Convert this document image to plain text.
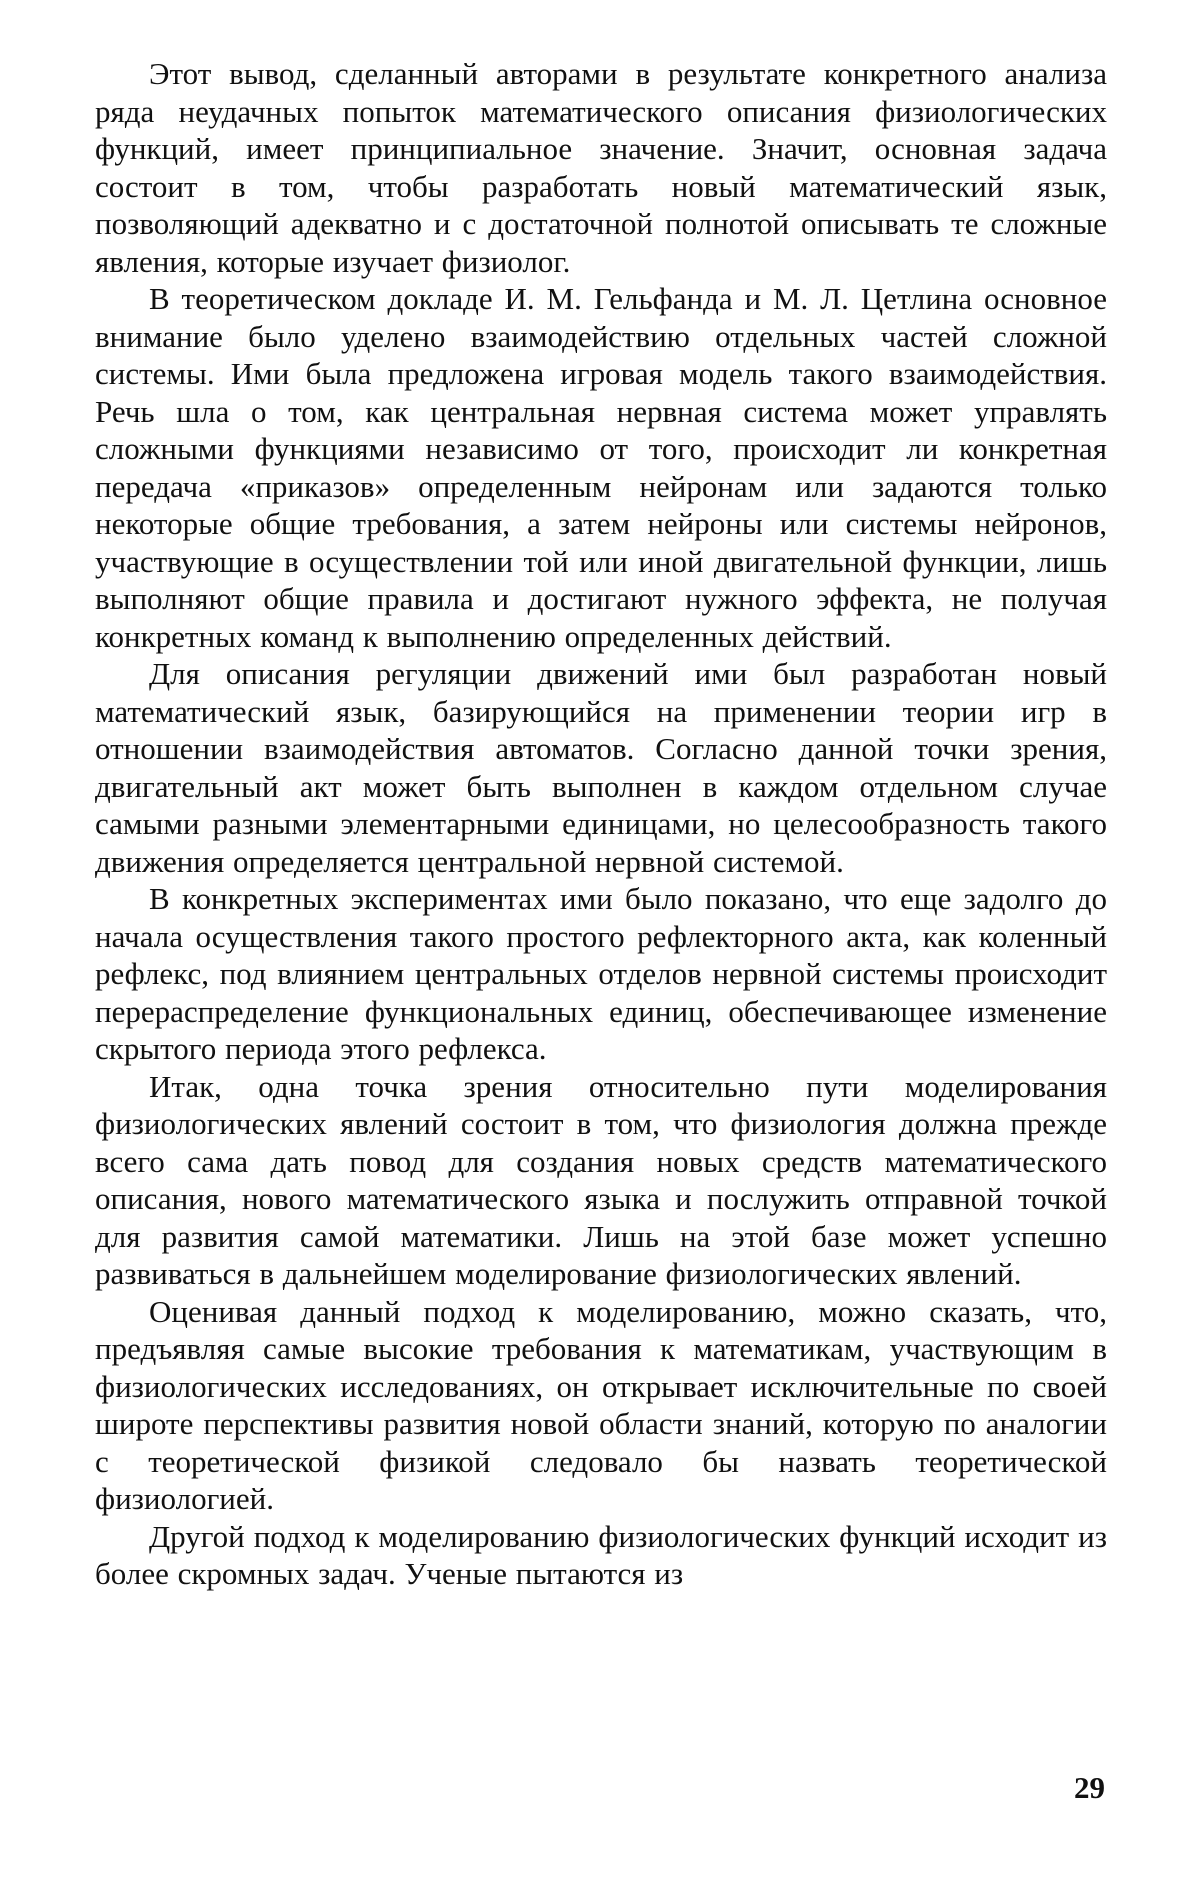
Этот вывод, сделанный авторами в результате конкретного анализа ряда неудачных попыток математического описания физиологических функций, имеет принципиальное значение. Значит, основная задача состоит в том, чтобы разработать новый математический язык, позволяющий адекватно и с достаточной полнотой описывать те сложные явления, которые изучает физиолог.

В теоретическом докладе И. М. Гельфанда и М. Л. Цетлина основное внимание было уделено взаимодействию отдельных частей сложной системы. Ими была предложена игровая модель такого взаимодействия. Речь шла о том, как центральная нервная система может управлять сложными функциями независимо от того, происходит ли конкретная передача «приказов» определенным нейронам или задаются только некоторые общие требования, а затем нейроны или системы нейронов, участвующие в осуществлении той или иной двигательной функции, лишь выполняют общие правила и достигают нужного эффекта, не получая конкретных команд к выполнению определенных действий.

Для описания регуляции движений ими был разработан новый математический язык, базирующийся на применении теории игр в отношении взаимодействия автоматов. Согласно данной точки зрения, двигательный акт может быть выполнен в каждом отдельном случае самыми разными элементарными единицами, но целесообразность такого движения определяется центральной нервной системой.

В конкретных экспериментах ими было показано, что еще задолго до начала осуществления такого простого рефлекторного акта, как коленный рефлекс, под влиянием центральных отделов нервной системы происходит перераспределение функциональных единиц, обеспечивающее изменение скрытого периода этого рефлекса.

Итак, одна точка зрения относительно пути моделирования физиологических явлений состоит в том, что физиология должна прежде всего сама дать повод для создания новых средств математического описания, нового математического языка и послужить отправной точкой для развития самой математики. Лишь на этой базе может успешно развиваться в дальнейшем моделирование физиологических явлений.

Оценивая данный подход к моделированию, можно сказать, что, предъявляя самые высокие требования к математикам, участвующим в физиологических исследованиях, он открывает исключительные по своей широте перспективы развития новой области знаний, которую по аналогии с теоретической физикой следовало бы назвать теоретической физиологией.

Другой подход к моделированию физиологических функций исходит из более скромных задач. Ученые пытаются из

29
